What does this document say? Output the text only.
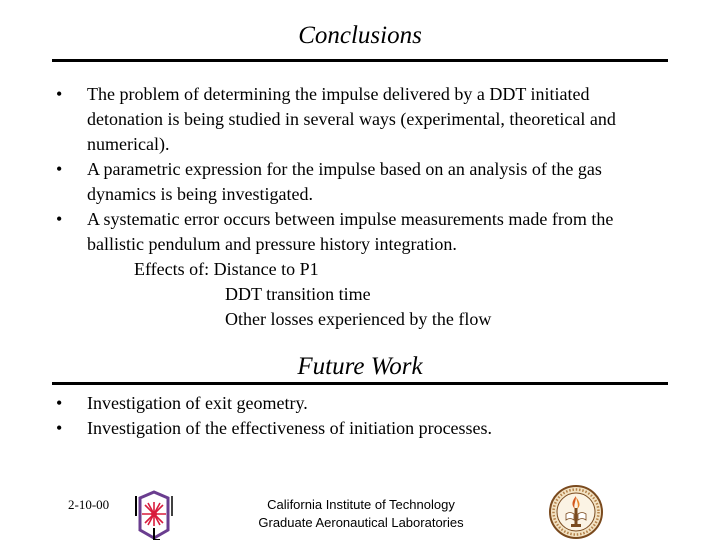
Conclusions
•	The problem of determining the impulse delivered by a DDT initiated detonation is being studied in several ways (experimental, theoretical and numerical).
•	A parametric expression for the impulse based on an analysis of the gas dynamics is being investigated.
•	A systematic error occurs between impulse measurements made from the ballistic pendulum and pressure history integration.
Effects of: Distance to P1
DDT transition time
Other losses experienced by the flow
Future Work
•	Investigation of exit geometry.
•	Investigation of the effectiveness of initiation processes.
2-10-00	California Institute of Technology
Graduate Aeronautical Laboratories
